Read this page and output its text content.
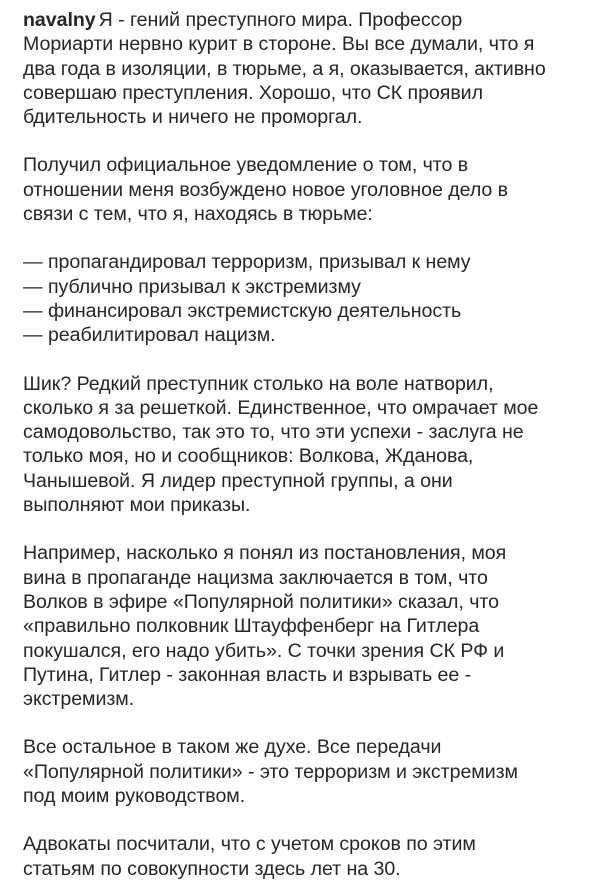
navalny Я - гений преступного мира. Профессор
Мориарти нервно курит в стороне. Вы все думали, что я
два года в изоляции, в тюрьме, а я, оказывается, активно
совершаю преступления. Хорошо, что СК проявил
бдительность и ничего не проморгал.

Получил официальное уведомление о том, что в
отношении меня возбуждено новое уголовное дело в
связи с тем, что я, находясь в тюрьме:

— пропагандировал терроризм, призывал к нему
— публично призывал к экстремизму
— финансировал экстремистскую деятельность
— реабилитировал нацизм.

Шик? Редкий преступник столько на воле натворил,
сколько я за решеткой. Единственное, что омрачает мое
самодовольство, так это то, что эти успехи - заслуга не
только моя, но и сообщников: Волкова, Жданова,
Чанышевой. Я лидер преступной группы, а они
выполняют мои приказы.

Например, насколько я понял из постановления, моя
вина в пропаганде нацизма заключается в том, что
Волков в эфире «Популярной политики» сказал, что
«правильно полковник Штауффенберг на Гитлера
покушался, его надо убить». С точки зрения СК РФ и
Путина, Гитлер - законная власть и взрывать ее -
экстремизм.

Все остальное в таком же духе. Все передачи
«Популярной политики» - это терроризм и экстремизм
под моим руководством.

Адвокаты посчитали, что с учетом сроков по этим
статьям по совокупности здесь лет на 30.
